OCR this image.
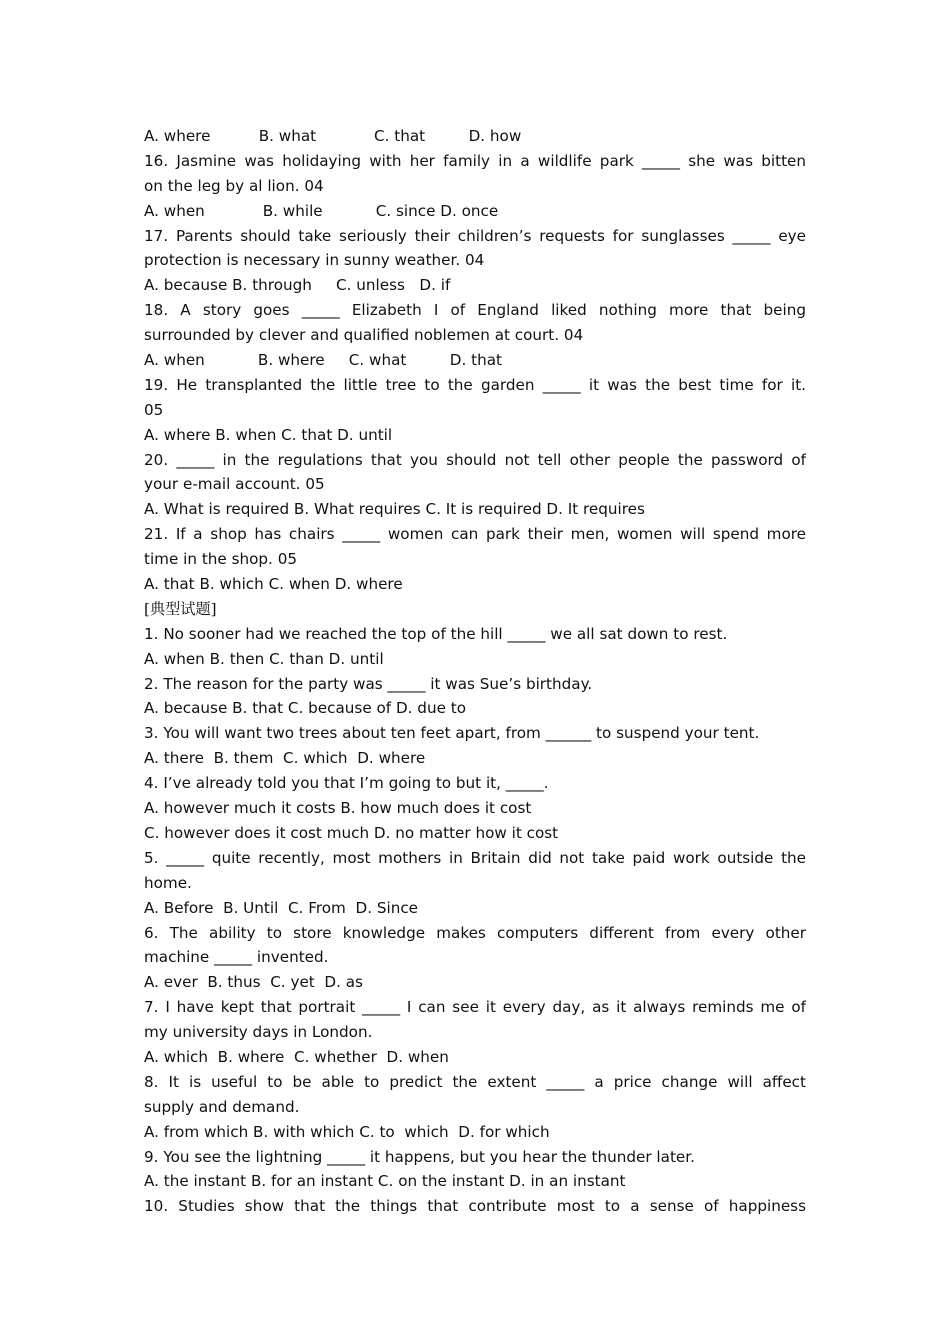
A. where          B. what            C. that         D. how
16. Jasmine was holidaying with her family in a wildlife park _____ she was bitten
on the leg by al lion. 04
A. when            B. while           C. since D. once
17. Parents should take seriously their children’s requests for sunglasses _____ eye
protection is necessary in sunny weather. 04
A. because B. through     C. unless   D. if
18. A story goes _____ Elizabeth I of England liked nothing more that being
surrounded by clever and qualified noblemen at court. 04
A. when           B. where     C. what         D. that
19. He transplanted the little tree to the garden _____ it was the best time for it.
05
A. where B. when C. that D. until
20. _____ in the regulations that you should not tell other people the password of
your e-mail account. 05
A. What is required B. What requires C. It is required D. It requires
21. If a shop has chairs _____ women can park their men, women will spend more
time in the shop. 05
A. that B. which C. when D. where
[典型试题]
1. No sooner had we reached the top of the hill _____ we all sat down to rest.
A. when B. then C. than D. until
2. The reason for the party was _____ it was Sue’s birthday.
A. because B. that C. because of D. due to
3. You will want two trees about ten feet apart, from ______ to suspend your tent.
A. there  B. them  C. which  D. where
4. I’ve already told you that I’m going to but it, _____.
A. however much it costs B. how much does it cost
C. however does it cost much D. no matter how it cost
5. _____ quite recently, most mothers in Britain did not take paid work outside the
home.
A. Before  B. Until  C. From  D. Since
6. The ability to store knowledge makes computers different from every other
machine _____ invented.
A. ever  B. thus  C. yet  D. as
7. I have kept that portrait _____ I can see it every day, as it always reminds me of
my university days in London.
A. which  B. where  C. whether  D. when
8. It is useful to be able to predict the extent _____ a price change will affect
supply and demand.
A. from which B. with which C. to  which  D. for which
9. You see the lightning _____ it happens, but you hear the thunder later.
A. the instant B. for an instant C. on the instant D. in an instant
10. Studies show that the things that contribute most to a sense of happiness
